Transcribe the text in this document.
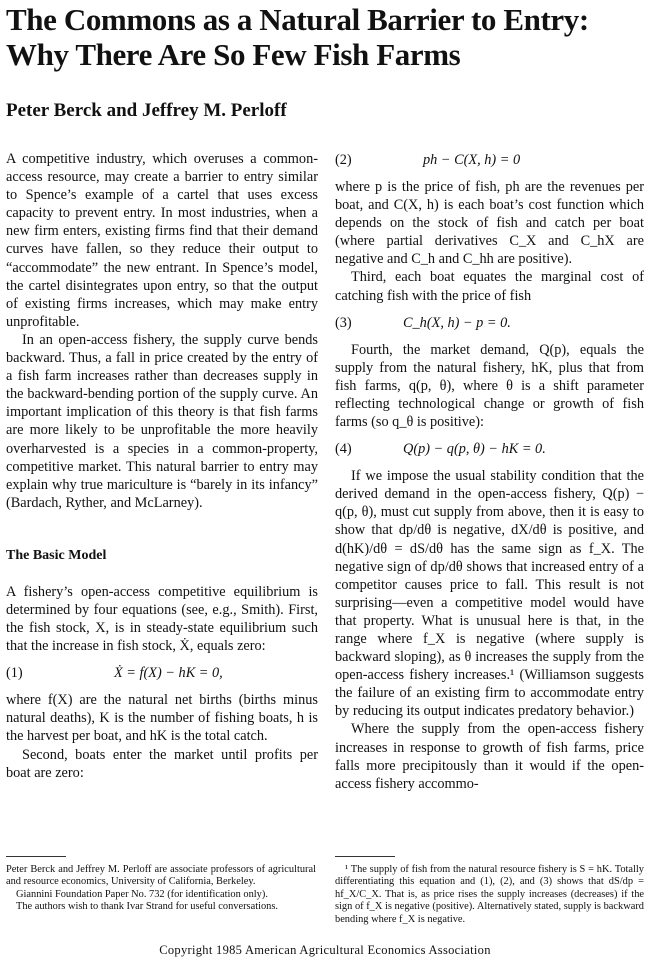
The Commons as a Natural Barrier to Entry: Why There Are So Few Fish Farms
Peter Berck and Jeffrey M. Perloff

A competitive industry, which overuses a common-access resource, may create a barrier to entry similar to Spence’s example of a cartel that uses excess capacity to prevent entry. In most industries, when a new firm enters, existing firms find that their demand curves have fallen, so they reduce their output to “accommodate” the new entrant. In Spence’s model, the cartel disintegrates upon entry, so that the output of existing firms increases, which may make entry unprofitable.

In an open-access fishery, the supply curve bends backward. Thus, a fall in price created by the entry of a fish farm increases rather than decreases supply in the backward-bending portion of the supply curve. An important implication of this theory is that fish farms are more likely to be unprofitable the more heavily overharvested is a species in a common-property, competitive market. This natural barrier to entry may explain why true mariculture is “barely in its infancy” (Bardach, Ryther, and McLarney).

The Basic Model

A fishery’s open-access competitive equilibrium is determined by four equations (see, e.g., Smith). First, the fish stock, X, is in steady-state equilibrium such that the increase in fish stock, Ẋ, equals zero:

(1)	Ẋ = f(X) − hK = 0,

where f(X) are the natural net births (births minus natural deaths), K is the number of fishing boats, h is the harvest per boat, and hK is the total catch.

Second, boats enter the market until profits per boat are zero:

(2)	ph − C(X, h) = 0

where p is the price of fish, ph are the revenues per boat, and C(X, h) is each boat’s cost function which depends on the stock of fish and catch per boat (where partial derivatives C_X and C_hX are negative and C_h and C_hh are positive).

Third, each boat equates the marginal cost of catching fish with the price of fish

(3)	C_h(X, h) − p = 0.

Fourth, the market demand, Q(p), equals the supply from the natural fishery, hK, plus that from fish farms, q(p, θ), where θ is a shift parameter reflecting technological change or growth of fish farms (so q_θ is positive):

(4)	Q(p) − q(p, θ) − hK = 0.

If we impose the usual stability condition that the derived demand in the open-access fishery, Q(p) − q(p, θ), must cut supply from above, then it is easy to show that dp/dθ is negative, dX/dθ is positive, and d(hK)/dθ = dS/dθ has the same sign as f_X. The negative sign of dp/dθ shows that increased entry of a competitor causes price to fall. This result is not surprising—even a competitive model would have that property. What is unusual here is that, in the range where f_X is negative (where supply is backward sloping), as θ increases the supply from the open-access fishery increases.¹ (Williamson suggests the failure of an existing firm to accommodate entry by reducing its output indicates predatory behavior.)

Where the supply from the open-access fishery increases in response to growth of fish farms, price falls more precipitously than it would if the open-access fishery accommo-

Peter Berck and Jeffrey M. Perloff are associate professors of agricultural and resource economics, University of California, Berkeley.

Giannini Foundation Paper No. 732 (for identification only).

The authors wish to thank Ivar Strand for useful conversations.

¹ The supply of fish from the natural resource fishery is S = hK. Totally differentiating this equation and (1), (2), and (3) shows that dS/dp = hf_X/C_X. That is, as price rises the supply increases (decreases) if the sign of f_X is negative (positive). Alternatively stated, supply is backward bending where f_X is negative.

Copyright 1985 American Agricultural Economics Association
